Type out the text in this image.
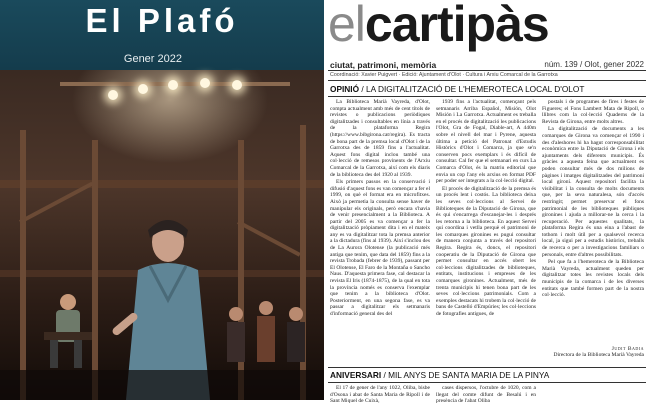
El Plafó
Gener 2022
elcartipàs
ciutat, patrimoni, memòria	núm. 139 / Olot, gener 2022
Coordinació: Xavier Puigvert · Edició: Ajuntament d'Olot · Cultura i Arxiu Comarcal de la Garrotxa
OPINIÓ / LA DIGITALITZACIÓ DE L'HEMEROTECA LOCAL D'OLOT

La Biblioteca Marià Vayreda, d'Olot, compta actualment amb més de cent títols de revistes o publicacions periòdiques digitalitzades i consultables en línia a través de la plataforma Regira (https://www.bibgirona.cat/regira). Es tracta de bona part de la premsa local d'Olot i de la Garrotxa des de 1859 fins a l'actualitat. Aquest fons digital inclou també una col·lecció de remesos provinents de l'Arxiu Comarcal de la Garrotxa, així com els diaris de la biblioteca des del 1920 al 1939.

Els primers passos en la conservació i difusió d'aquest fons es van començar a fer el 1999, on què el format era en microfitxes. Això ja permetia la consulta sense haver de manipular els originals, però encara s'havia de venir presencialment a la Biblioteca. A partir del 2005 es va començar a fer la digitalització pròpiament dita i en el mateix any es va digitalitzar tota la premsa anterior a la dictadura (fins al 1939). Així s'inclou des de La Aurora Olotense (la publicació més antiga que tenim, que data del 1859) fins a la revista Trobada (febrer de 1939), passant per El Olotense, El Faro de la Montaña o Sancho Naus. D'aquesta primera fase, cal destacar la revista El Iris (1874-1875), de la qual en tota la província només es conserva l'exemplar que tenim a la biblioteca d'Olot. Posteriorment, en una segona fase, es va passar a digitalitzar els setmanaris d'informació general des del

1939 fins a l'actualitat, començant pels setmanaris Arriba Español, Misión, Olot Misión i La Garrotxa. Actualment es treballa en el procés de digitalització les publicacions l'Olot, Gra de Fogal, Diable-art, A 440m sobre el nivell del mar i Pyrene, aquesta última a petició del Patronat d'Estudis Històrics d'Olot i Comarca, ja que se'n conserven pocs exemplars i és difícil de consultar. Cal fer que el setmanari en curs La Comarca d'Olot, és la matriu editorial que envia un cop l'any els arxius en format PDF per poder ser integrats a la col·lecció digital.

El procés de digitalització de la premsa és un procés lent i costós. La biblioteca deixa les seves col·leccions al Servei de Biblioteques de la Diputació de Girona, que és qui s'encarrega d'escanejar-les i després les retorna a la biblioteca. En aquest Servei qui coordina i vetlla perquè el patrimoni de les comarques gironines es pugui consultar de manera conjunta a través del repositori Regira. Regira és, doncs, el repositori cooperatiu de la Diputació de Girona que permet consultar en accés obert les col·leccions digitalitzades de biblioteques, entitats, institucions i empreses de les comarques gironines. Actualment, més de trenta municipis hi tenen bona part de les seves col·leccions patrimonials. Com a exemples destacats hi trobem la col·lecció de bans de Castelló d'Empúries; les col·leccions de fotografies antigues, de

postals i de programes de fires i festes de Figueres; el Fons Lambert Mata de Ripoll, o llibres com la col·lecció Quaderns de la Revista de Girona, entre molts altres.

La digitalització de documents a les comarques de Girona va començar el 1990 i des d'aleshores hi ha hagut corresponsabilitat econòmica entre la Diputació de Girona i els ajuntaments dels diferents municipis. És gràcies a aquesta feina que actualment es poden consultar més de dos milions de pàgines i imatges digitalitzades del patrimoni local gironí. Aquest repositori facilita la visibilitat i la consulta de molts documents que, per la seva naturalesa, són d'accés restringit; permet preservar el fons patrimonial de les biblioteques públiques gironines i ajuda a millorar-ne la cerca i la recuperació. Per aquestes qualitats, la plataforma Regira és una eina a l'abast de tothom i molt útil per a qualsevol recerca local, ja sigui per a estudis històrics, treballs de recerca o per a investigacions familiars o personals, entre d'altres possibilitats.

Pel que fa a l'hemeroteca de la Biblioteca Marià Vayreda, actualment queden per digitalitzar totes les revistes locals dels municipis de la comarca i de les diverses entitats que també formen part de la nostra col·lecció.

Judit Badia
Directora de la Biblioteca Marià Vayreda
ANIVERSARI / MIL ANYS DE SANTA MARIA DE LA PINYA

El 17 de gener de l'any 1022, Oliba, bisbe d'Osona i abat de Santa Maria de Ripoll i de Sant Miquel de Cuixà,

cases dispersos, l'octubre de 1020, com a llegat del comte difunt de Besalú i en presència de l'abat Oliba
